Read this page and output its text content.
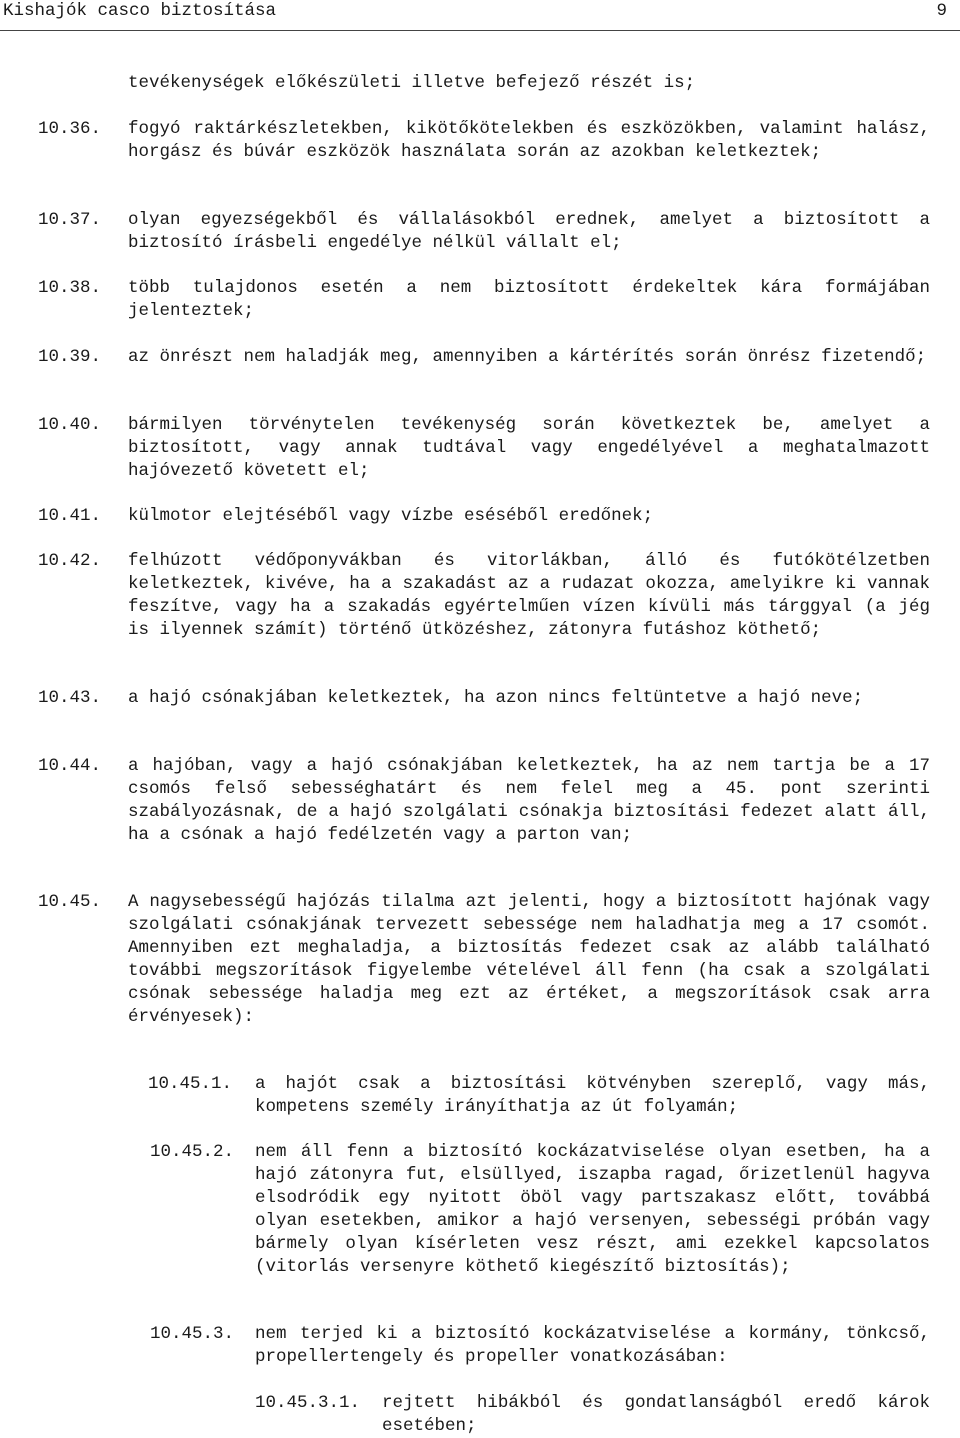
Kishajók casco biztosítása	9
tevékenységek előkészületi illetve befejező részét is;
10.36. fogyó raktárkészletekben, kikötőkötelekben és eszközökben, valamint halász, horgász és búvár eszközök használata során az azokban keletkeztek;
10.37. olyan egyezségekből és vállalásokból erednek, amelyet a biztosított a biztosító írásbeli engedélye nélkül vállalt el;
10.38. több tulajdonos esetén a nem biztosított érdekeltek kára formájában jelenteztek;
10.39. az önrészt nem haladják meg, amennyiben a kártérítés során önrész fizetendő;
10.40. bármilyen törvénytelen tevékenység során következtek be, amelyet a biztosított, vagy annak tudtával vagy engedélyével a meghatalmazott hajóvezető követett el;
10.41. külmotor elejtéséből vagy vízbe eséséből eredőnek;
10.42. felhúzott védőponyvákban és vitorlákban, álló és futókötélzetben keletkeztek, kivéve, ha a szakadást az a rudazat okozza, amelyikre ki vannak feszítve, vagy ha a szakadás egyértelműen vízen kívüli más tárggyal (a jég is ilyennek számít) történő ütközéshez, zátonyra futáshoz köthető;
10.43. a hajó csónakjában keletkeztek, ha azon nincs feltüntetve a hajó neve;
10.44. a hajóban, vagy a hajó csónakjában keletkeztek, ha az nem tartja be a 17 csomós felső sebességhatárt és nem felel meg a 45. pont szerinti szabályozásnak, de a hajó szolgálati csónakja biztosítási fedezet alatt áll, ha a csónak a hajó fedélzetén vagy a parton van;
10.45. A nagysebességű hajózás tilalma azt jelenti, hogy a biztosított hajónak vagy szolgálati csónakjának tervezett sebessége nem haladhatja meg a 17 csomót. Amennyiben ezt meghaladja, a biztosítás fedezet csak az alább található további megszorítások figyelembe vételével áll fenn (ha csak a szolgálati csónak sebessége haladja meg ezt az értéket, a megszorítások csak arra érvényesek):
10.45.1. a hajót csak a biztosítási kötvényben szereplő, vagy más, kompetens személy irányíthatja az út folyamán;
10.45.2. nem áll fenn a biztosító kockázatviselése olyan esetben, ha a hajó zátonyra fut, elsüllyed, iszapba ragad, őrizetlenül hagyva elsodródik egy nyitott öböl vagy partszakasz előtt, továbbá olyan esetekben, amikor a hajó versenyen, sebességi próbán vagy bármely olyan kísérleten vesz részt, ami ezekkel kapcsolatos (vitorlás versenyre köthető kiegészítő biztosítás);
10.45.3. nem terjed ki a biztosító kockázatviselése a kormány, tönkcső, propellertengely és propeller vonatkozásában:
10.45.3.1. rejtett hibákból és gondatlanságból eredő károk esetében;
